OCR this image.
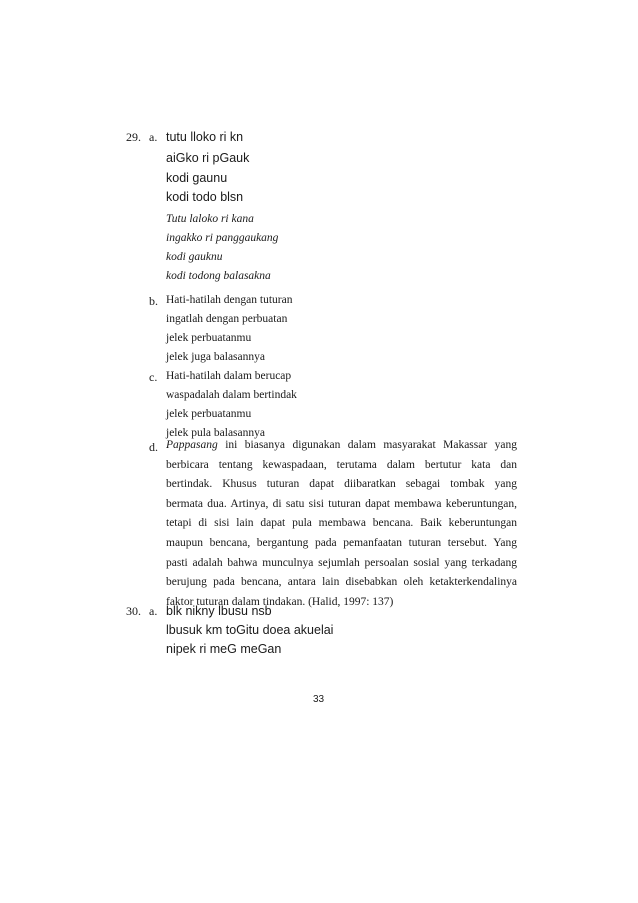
29. a. tutu lloko ri kn
aiGko ri pGauk
kodi gaunu
kodi todo blsn
Tutu laloko ri kana
ingakko ri panggaukang
kodi gauknu
kodi todong balasakna
b. Hati-hatilah dengan tuturan
ingatlah dengan perbuatan
jelek perbuatanmu
jelek juga balasannya
c. Hati-hatilah dalam berucap
waspadalah dalam bertindak
jelek perbuatanmu
jelek pula balasannya
d. Pappasang ini biasanya digunakan dalam masyarakat Makassar yang
berbicara tentang kewaspadaan, terutama dalam bertutur kata dan
bertindak. Khusus tuturan dapat diibaratkan sebagai tombak yang
bermata dua. Artinya, di satu sisi tuturan dapat membawa keberuntungan,
tetapi di sisi lain dapat pula membawa bencana. Baik keberuntungan
maupun bencana, bergantung pada pemanfaatan tuturan tersebut. Yang
pasti adalah bahwa munculnya sejumlah persoalan sosial yang terkadang
berujung pada bencana, antara lain disebabkan oleh ketakterkendalinya
faktor tuturan dalam tindakan. (Halid, 1997: 137)
30. a. blk nikny lbusu nsb
lbusuk km toGitu doea akuelai
nipek ri meG meGan
33
